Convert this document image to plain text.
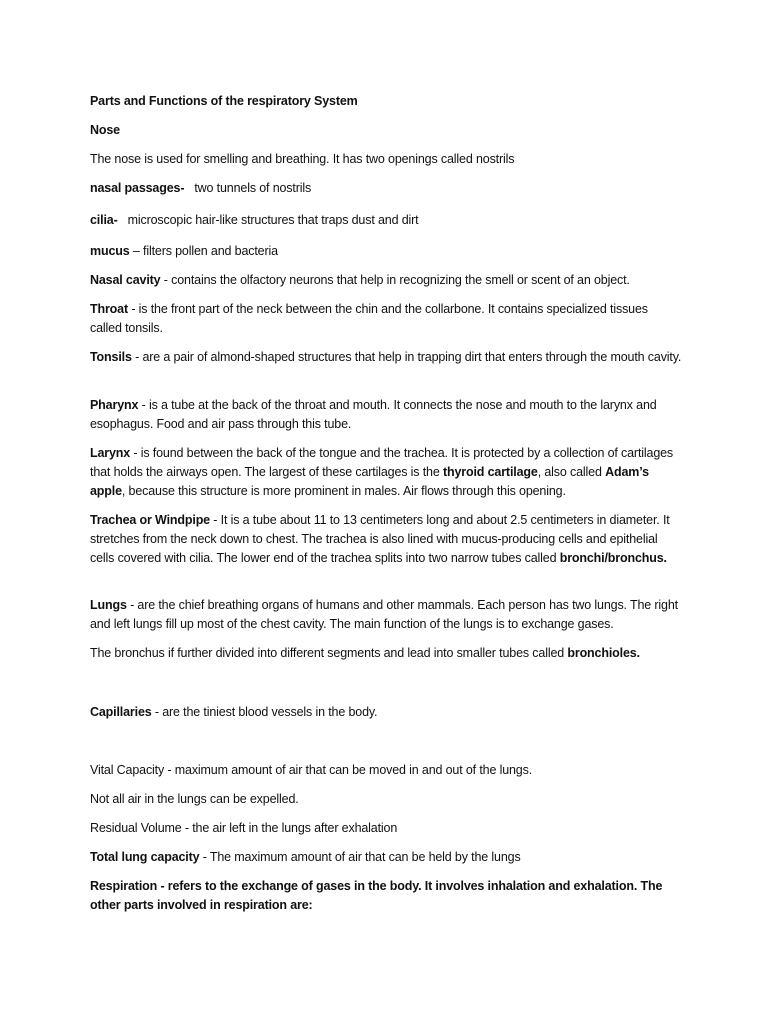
Parts and Functions of the respiratory System

Nose

The nose is used for smelling and breathing. It has two openings called nostrils

nasal passages- two tunnels of nostrils

cilia- microscopic hair-like structures that traps dust and dirt

mucus – filters pollen and bacteria

Nasal cavity - contains the olfactory neurons that help in recognizing the smell or scent of an object.

Throat - is the front part of the neck between the chin and the collarbone. It contains specialized tissues called tonsils.

Tonsils - are a pair of almond-shaped structures that help in trapping dirt that enters through the mouth cavity.

Pharynx - is a tube at the back of the throat and mouth. It connects the nose and mouth to the larynx and esophagus. Food and air pass through this tube.

Larynx - is found between the back of the tongue and the trachea. It is protected by a collection of cartilages that holds the airways open. The largest of these cartilages is the thyroid cartilage, also called Adam’s apple, because this structure is more prominent in males. Air flows through this opening.

Trachea or Windpipe - It is a tube about 11 to 13 centimeters long and about 2.5 centimeters in diameter. It stretches from the neck down to chest. The trachea is also lined with mucus-producing cells and epithelial cells covered with cilia. The lower end of the trachea splits into two narrow tubes called bronchi/bronchus.

Lungs - are the chief breathing organs of humans and other mammals. Each person has two lungs. The right and left lungs fill up most of the chest cavity. The main function of the lungs is to exchange gases.

The bronchus if further divided into different segments and lead into smaller tubes called bronchioles.

Capillaries - are the tiniest blood vessels in the body.

Vital Capacity - maximum amount of air that can be moved in and out of the lungs.

Not all air in the lungs can be expelled.

Residual Volume - the air left in the lungs after exhalation

Total lung capacity - The maximum amount of air that can be held by the lungs

Respiration - refers to the exchange of gases in the body. It involves inhalation and exhalation. The other parts involved in respiration are:
